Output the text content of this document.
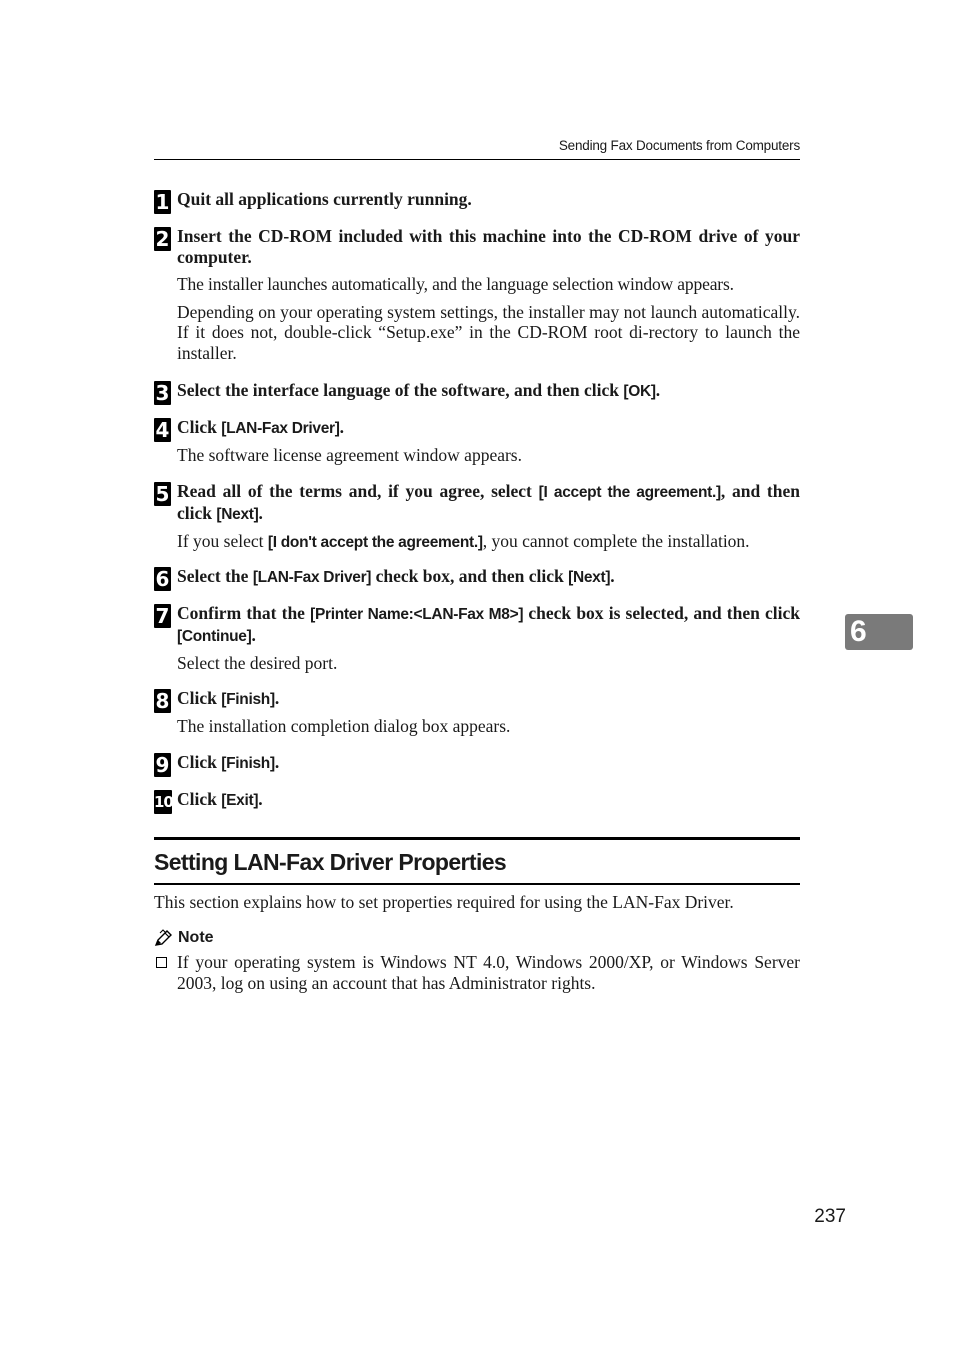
Sending Fax Documents from Computers
1 Quit all applications currently running.
2 Insert the CD-ROM included with this machine into the CD-ROM drive of your computer.
The installer launches automatically, and the language selection window appears.
Depending on your operating system settings, the installer may not launch automatically. If it does not, double-click “Setup.exe” in the CD-ROM root di-rectory to launch the installer.
3 Select the interface language of the software, and then click [OK].
4 Click [LAN-Fax Driver].
The software license agreement window appears.
5 Read all of the terms and, if you agree, select [I accept the agreement.], and then click [Next].
If you select [I don't accept the agreement.], you cannot complete the installation.
6 Select the [LAN-Fax Driver] check box, and then click [Next].
7 Confirm that the [Printer Name:<LAN-Fax M8>] check box is selected, and then click [Continue].
Select the desired port.
8 Click [Finish].
The installation completion dialog box appears.
9 Click [Finish].
10 Click [Exit].
Setting LAN-Fax Driver Properties
This section explains how to set properties required for using the LAN-Fax Driver.
Note
If your operating system is Windows NT 4.0, Windows 2000/XP, or Windows Server 2003, log on using an account that has Administrator rights.
6
237
